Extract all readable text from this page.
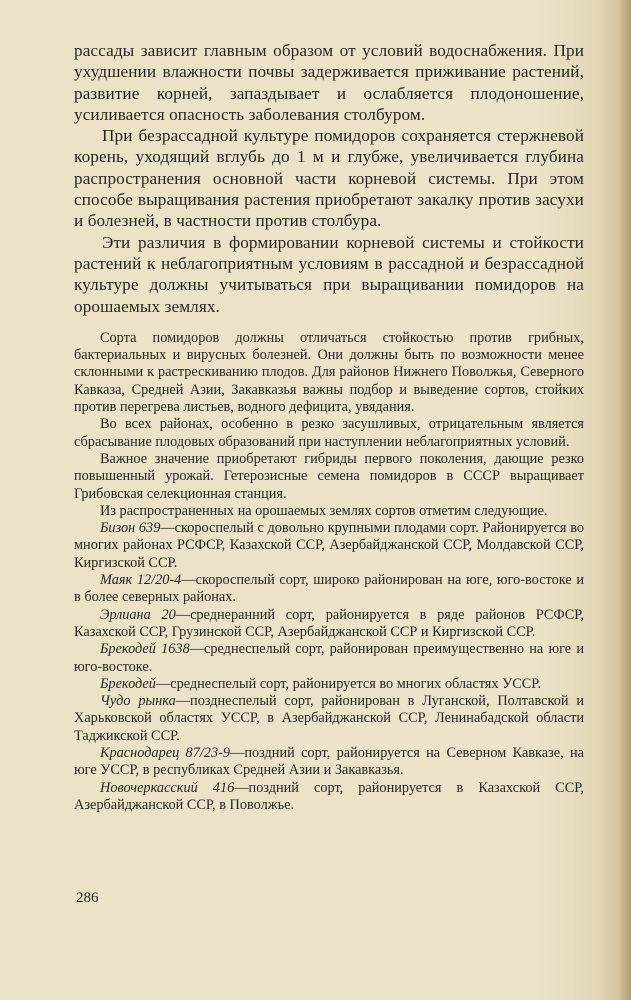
рассады зависит главным образом от условий водоснабжения. При ухудшении влажности почвы задерживается приживание растений, развитие корней, запаздывает и ослабляется плодоношение, усиливается опасность заболевания столбуром.

При безрассадной культуре помидоров сохраняется стержневой корень, уходящий вглубь до 1 м и глубже, увеличивается глубина распространения основной части корневой системы. При этом способе выращивания растения приобретают закалку против засухи и болезней, в частности против столбура.

Эти различия в формировании корневой системы и стойкости растений к неблагоприятным условиям в рассадной и безрассадной культуре должны учитываться при выращивании помидоров на орошаемых землях.

Сорта помидоров должны отличаться стойкостью против грибных, бактериальных и вирусных болезней. Они должны быть по возможности менее склонными к растрескиванию плодов. Для районов Нижнего Поволжья, Северного Кавказа, Средней Азии, Закавказья важны подбор и выведение сортов, стойких против перегрева листьев, водного дефицита, увядания.

Во всех районах, особенно в резко засушливых, отрицательным является сбрасывание плодовых образований при наступлении неблагоприятных условий.

Важное значение приобретают гибриды первого поколения, дающие резко повышенный урожай. Гетерозисные семена помидоров в СССР выращивает Грибовская селекционная станция.

Из распространенных на орошаемых землях сортов отметим следующие.

Бизон 639—скороспелый с довольно крупными плодами сорт. Районируется во многих районах РСФСР, Казахской ССР, Азербайджанской ССР, Молдавской ССР, Киргизской ССР.

Маяк 12/20-4—скороспелый сорт, широко районирован на юге, юго-востоке и в более северных районах.

Эрлиана 20—среднеранний сорт, районируется в ряде районов РСФСР, Казахской ССР, Грузинской ССР, Азербайджанской ССР и Киргизской ССР.

Брекодей 1638—среднеспелый сорт, районирован преимущественно на юге и юго-востоке.

Брекодей—среднеспелый сорт, районируется во многих областях УССР.

Чудо рынка—позднеспелый сорт, районирован в Луганской, Полтавской и Харьковской областях УССР, в Азербайджанской ССР, Ленинабадской области Таджикской ССР.

Краснодарец 87/23-9—поздний сорт, районируется на Северном Кавказе, на юге УССР, в республиках Средней Азии и Закавказья.

Новочеркасский 416—поздний сорт, районируется в Казахской ССР, Азербайджанской ССР, в Поволжье.

286
